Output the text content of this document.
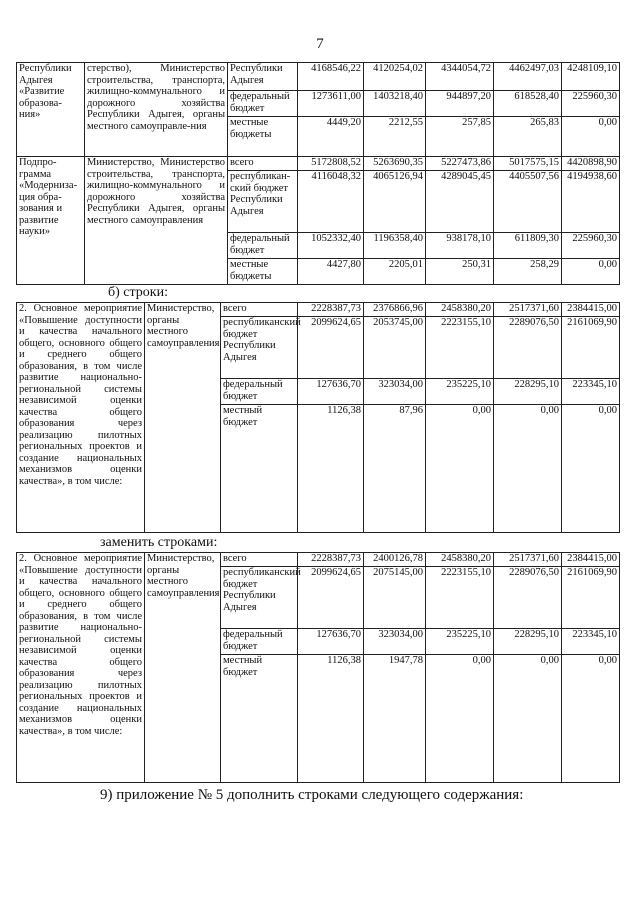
7
Республики Адыгея «Развитие образова-ния»	стерство), Министерство строительства, транспорта, жилищно-коммунального и дорожного хозяйства Республики Адыгея, органы местного самоуправле-ния	Республики Адыгея	4168546,22	4120254,02	4344054,72	4462497,03	4248109,10
		федеральный бюджет	1273611,00	1403218,40	944897,20	618528,40	225960,30
		местные бюджеты	4449,20	2212,55	257,85	265,83	0,00
Подпро-грамма «Модерниза-ция обра-зования и развитие науки»	Министерство, Министерство строительства, транспорта, жилищно-коммунального и дорожного хозяйства Республики Адыгея, органы местного самоуправления	всего	5172808,52	5263690,35	5227473,86	5017575,15	4420898,90
		республикан-ский бюджет Республики Адыгея	4116048,32	4065126,94	4289045,45	4405507,56	4194938,60
		федеральный бюджет	1052332,40	1196358,40	938178,10	611809,30	225960,30
		местные бюджеты	4427,80	2205,01	250,31	258,29	0,00
б) строки:
2. Основное мероприятие «Повышение доступности и качества начального общего, основного общего и среднего общего образования, в том числе развитие национально-региональной системы независимой оценки качества общего образования через реализацию пилотных региональных проектов и создание национальных механизмов оценки качества», в том числе:	Министерство, органы местного самоуправления	всего	2228387,73	2376866,96	2458380,20	2517371,60	2384415,00
		республиканский бюджет Республики Адыгея	2099624,65	2053745,00	2223155,10	2289076,50	2161069,90
		федеральный бюджет	127636,70	323034,00	235225,10	228295,10	223345,10
		местный бюджет	1126,38	87,96	0,00	0,00	0,00
заменить строками:
2. Основное мероприятие «Повышение доступности и качества начального общего, основного общего и среднего общего образования, в том числе развитие национально-региональной системы независимой оценки качества общего образования через реализацию пилотных региональных проектов и создание национальных механизмов оценки качества», в том числе:	Министерство, органы местного самоуправления	всего	2228387,73	2400126,78	2458380,20	2517371,60	2384415,00
		республиканский бюджет Республики Адыгея	2099624,65	2075145,00	2223155,10	2289076,50	2161069,90
		федеральный бюджет	127636,70	323034,00	235225,10	228295,10	223345,10
		местный бюджет	1126,38	1947,78	0,00	0,00	0,00
9) приложение № 5 дополнить строками следующего содержания:
